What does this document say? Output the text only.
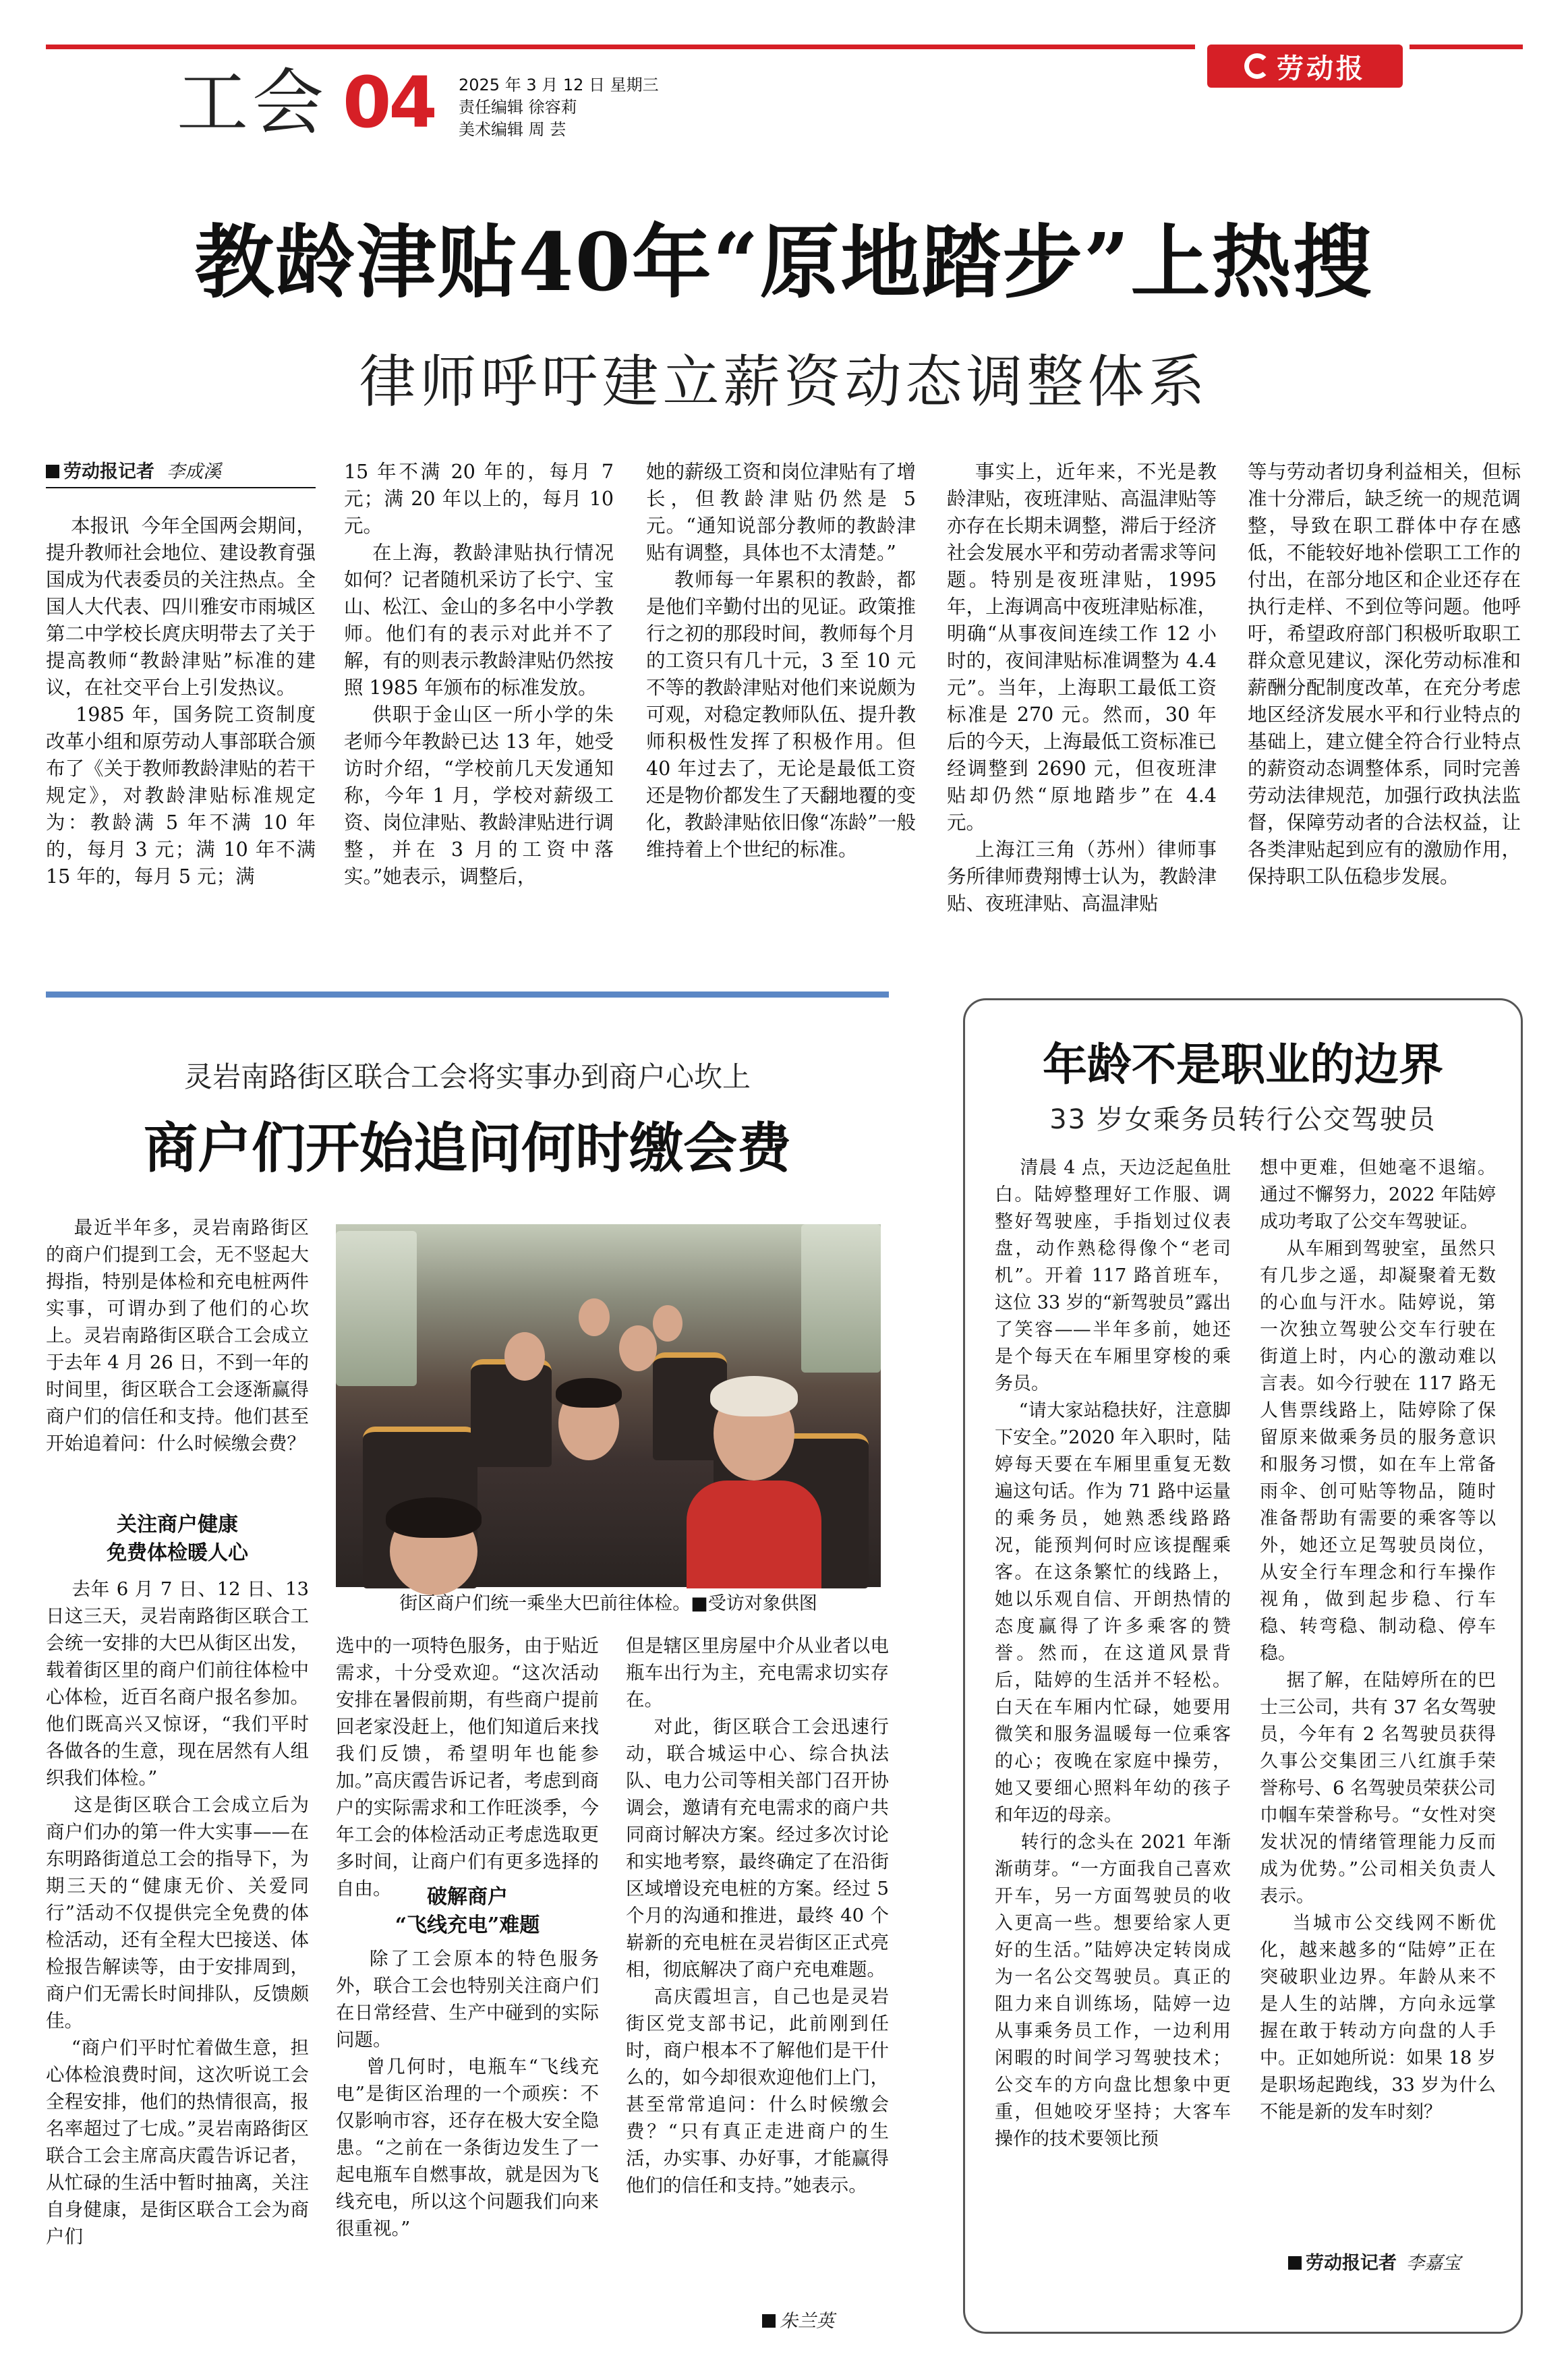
工会 04	2025 年 3 月 12 日 星期三
责任编辑 徐容莉
美术编辑 周 芸
劳动报
教龄津贴40年“原地踏步”上热搜
律师呼吁建立薪资动态调整体系
劳动报记者 李成溪
本报讯  今年全国两会期间，提升教师社会地位、建设教育强国成为代表委员的关注热点。全国人大代表、四川雅安市雨城区第二中学校长庹庆明带去了关于提高教师“教龄津贴”标准的建议，在社交平台上引发热议。
1985 年，国务院工资制度改革小组和原劳动人事部联合颁布了《关于教师教龄津贴的若干规定》，对教龄津贴标准规定为：教龄满 5 年不满 10 年的，每月 3 元；满 10 年不满 15 年的，每月 5 元；满
15 年不满 20 年的，每月 7 元；满 20 年以上的，每月 10 元。
在上海，教龄津贴执行情况如何？记者随机采访了长宁、宝山、松江、金山的多名中小学教师。他们有的表示对此并不了解，有的则表示教龄津贴仍然按照 1985 年颁布的标准发放。
供职于金山区一所小学的朱老师今年教龄已达 13 年，她受访时介绍，“学校前几天发通知称，今年 1 月，学校对薪级工资、岗位津贴、教龄津贴进行调整，并在 3 月的工资中落实。”她表示，调整后，
她的薪级工资和岗位津贴有了增长，但教龄津贴仍然是 5 元。“通知说部分教师的教龄津贴有调整，具体也不太清楚。”
教师每一年累积的教龄，都是他们辛勤付出的见证。政策推行之初的那段时间，教师每个月的工资只有几十元，3 至 10 元不等的教龄津贴对他们来说颇为可观，对稳定教师队伍、提升教师积极性发挥了积极作用。但 40 年过去了，无论是最低工资还是物价都发生了天翻地覆的变化，教龄津贴依旧像“冻龄”一般维持着上个世纪的标准。
事实上，近年来，不光是教龄津贴，夜班津贴、高温津贴等亦存在长期未调整，滞后于经济社会发展水平和劳动者需求等问题。特别是夜班津贴，1995 年，上海调高中夜班津贴标准，明确“从事夜间连续工作 12 小时的，夜间津贴标准调整为 4.4 元”。当年，上海职工最低工资标准是 270 元。然而，30 年后的今天，上海最低工资标准已经调整到 2690 元，但夜班津贴却仍然“原地踏步”在 4.4 元。
上海江三角（苏州）律师事务所律师费翔博士认为，教龄津贴、夜班津贴、高温津贴
等与劳动者切身利益相关，但标准十分滞后，缺乏统一的规范调整，导致在职工群体中存在感低，不能较好地补偿职工工作的付出，在部分地区和企业还存在执行走样、不到位等问题。他呼吁，希望政府部门积极听取职工群众意见建议，深化劳动标准和薪酬分配制度改革，在充分考虑地区经济发展水平和行业特点的基础上，建立健全符合行业特点的薪资动态调整体系，同时完善劳动法律规范，加强行政执法监督，保障劳动者的合法权益，让各类津贴起到应有的激励作用，保持职工队伍稳步发展。
灵岩南路街区联合工会将实事办到商户心坎上
商户们开始追问何时缴会费
最近半年多，灵岩南路街区的商户们提到工会，无不竖起大拇指，特别是体检和充电桩两件实事，可谓办到了他们的心坎上。灵岩南路街区联合工会成立于去年 4 月 26 日，不到一年的时间里，街区联合工会逐渐赢得商户们的信任和支持。他们甚至开始追着问：什么时候缴会费？
关注商户健康
免费体检暖人心
去年 6 月 7 日、12 日、13 日这三天，灵岩南路街区联合工会统一安排的大巴从街区出发，载着街区里的商户们前往体检中心体检，近百名商户报名参加。他们既高兴又惊讶，“我们平时各做各的生意，现在居然有人组织我们体检。”
这是街区联合工会成立后为商户们办的第一件大实事——在东明路街道总工会的指导下，为期三天的“健康无价、关爱同行”活动不仅提供完全免费的体检活动，还有全程大巴接送、体检报告解读等，由于安排周到，商户们无需长时间排队，反馈颇佳。
“商户们平时忙着做生意，担心体检浪费时间，这次听说工会全程安排，他们的热情很高，报名率超过了七成。”灵岩南路街区联合工会主席高庆霞告诉记者，从忙碌的生活中暂时抽离，关注自身健康，是街区联合工会为商户们
街区商户们统一乘坐大巴前往体检。■受访对象供图
选中的一项特色服务，由于贴近需求，十分受欢迎。“这次活动安排在暑假前期，有些商户提前回老家没赶上，他们知道后来找我们反馈，希望明年也能参加。”高庆霞告诉记者，考虑到商户的实际需求和工作旺淡季，今年工会的体检活动正考虑选取更多时间，让商户们有更多选择的自由。	破解商户
“飞线充电”难题
除了工会原本的特色服务外，联合工会也特别关注商户们在日常经营、生产中碰到的实际问题。
曾几何时，电瓶车“飞线充电”是街区治理的一个顽疾：不仅影响市容，还存在极大安全隐患。“之前在一条街边发生了一起电瓶车自燃事故，就是因为飞线充电，所以这个问题我们向来很重视。”
但是辖区里房屋中介从业者以电瓶车出行为主，充电需求切实存在。
对此，街区联合工会迅速行动，联合城运中心、综合执法队、电力公司等相关部门召开协调会，邀请有充电需求的商户共同商讨解决方案。经过多次讨论和实地考察，最终确定了在沿街区域增设充电桩的方案。经过 5 个月的沟通和推进，最终 40 个崭新的充电桩在灵岩街区正式亮相，彻底解决了商户充电难题。
高庆霞坦言，自己也是灵岩街区党支部书记，此前刚到任时，商户根本不了解他们是干什么的，如今却很欢迎他们上门，甚至常常追问：什么时候缴会费？“只有真正走进商户的生活，办实事、办好事，才能赢得他们的信任和支持。”她表示。
朱兰英
年龄不是职业的边界
33 岁女乘务员转行公交驾驶员
清晨 4 点，天边泛起鱼肚白。陆婷整理好工作服、调整好驾驶座，手指划过仪表盘，动作熟稔得像个“老司机”。开着 117 路首班车，这位 33 岁的“新驾驶员”露出了笑容——半年多前，她还是个每天在车厢里穿梭的乘务员。
“请大家站稳扶好，注意脚下安全。”2020 年入职时，陆婷每天要在车厢里重复无数遍这句话。作为 71 路中运量的乘务员，她熟悉线路路况，能预判何时应该提醒乘客。在这条繁忙的线路上，她以乐观自信、开朗热情的态度赢得了许多乘客的赞誉。然而，在这道风景背后，陆婷的生活并不轻松。白天在车厢内忙碌，她要用微笑和服务温暖每一位乘客的心；夜晚在家庭中操劳，她又要细心照料年幼的孩子和年迈的母亲。
转行的念头在 2021 年渐渐萌芽。“一方面我自己喜欢开车，另一方面驾驶员的收入更高一些。想要给家人更好的生活。”陆婷决定转岗成为一名公交驾驶员。真正的阻力来自训练场，陆婷一边从事乘务员工作，一边利用闲暇的时间学习驾驶技术；公交车的方向盘比想象中更重，但她咬牙坚持；大客车操作的技术要领比预
想中更难，但她毫不退缩。通过不懈努力，2022 年陆婷成功考取了公交车驾驶证。
从车厢到驾驶室，虽然只有几步之遥，却凝聚着无数的心血与汗水。陆婷说，第一次独立驾驶公交车行驶在街道上时，内心的激动难以言表。如今行驶在 117 路无人售票线路上，陆婷除了保留原来做乘务员的服务意识和服务习惯，如在车上常备雨伞、创可贴等物品，随时准备帮助有需要的乘客等以外，她还立足驾驶员岗位，从安全行车理念和行车操作视角，做到起步稳、行车稳、转弯稳、制动稳、停车稳。
据了解，在陆婷所在的巴士三公司，共有 37 名女驾驶员，今年有 2 名驾驶员获得久事公交集团三八红旗手荣誉称号、6 名驾驶员荣获公司巾帼车荣誉称号。“女性对突发状况的情绪管理能力反而成为优势。”公司相关负责人表示。
当城市公交线网不断优化，越来越多的“陆婷”正在突破职业边界。年龄从来不是人生的站牌，方向永远掌握在敢于转动方向盘的人手中。正如她所说：如果 18 岁是职场起跑线，33 岁为什么不能是新的发车时刻？
劳动报记者 李嘉宝
